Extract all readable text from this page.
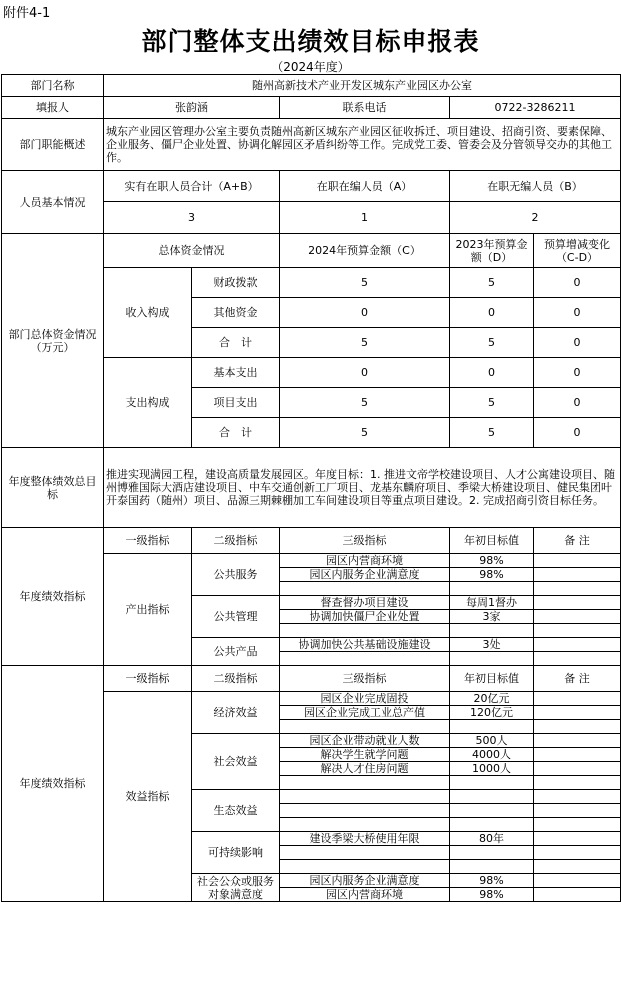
附件4-1
部门整体支出绩效目标申报表
（2024年度）
部门名称	随州高新技术产业开发区城东产业园区办公室				
填报人	张韵涵		联系电话	0722-3286211	
部门职能概述	城东产业园区管理办公室主要负责随州高新区城东产业园区征收拆迁、项目建设、招商引资、要素保障、企业服务、僵尸企业处置、协调化解园区矛盾纠纷等工作。完成党工委、管委会及分管领导交办的其他工作。				
人员基本情况	实有在职人员合计（A+B）		在职在编人员（A）	在职无编人员（B）	
	3		1	2	
部门总体资金情况（万元）	总体资金情况		2024年预算金额（C）	2023年预算金额（D）	预算增减变化（C-D）
	收入构成	财政拨款	5	5	0
		其他资金	0	0	0
		合　计	5	5	0
	支出构成	基本支出	0	0	0
		项目支出	5	5	0
		合　计	5	5	0
年度整体绩效总目标	推进实现满园工程，建设高质量发展园区。年度目标：1. 推进文帝学校建设项目、人才公寓建设项目、随州博雅国际大酒店建设项目、中车交通创新工厂项目、龙基东麟府项目、季梁大桥建设项目、健民集团叶开泰国药（随州）项目、品源三期棘棚加工车间建设项目等重点项目建设。2. 完成招商引资目标任务。				
年度绩效指标	一级指标	二级指标	三级指标	年初目标值	备 注
	产出指标	公共服务	园区内营商环境	98%	
			园区内服务企业满意度	98%	

		公共管理	督查督办项目建设	每周1督办	
			协调加快僵尸企业处置	3家	

		公共产品	协调加快公共基础设施建设	3处	

年度绩效指标	一级指标	二级指标	三级指标	年初目标值	备 注
	效益指标	经济效益	园区企业完成固投	20亿元	
			园区企业完成工业总产值	120亿元	

		社会效益	园区企业带动就业人数	500人	
			解决学生就学问题	4000人	
			解决人才住房问题	1000人	

		生态效益			

		可持续影响	建设季梁大桥使用年限	80年	

		社会公众或服务对象满意度	园区内服务企业满意度	98%	
			园区内营商环境	98%	
